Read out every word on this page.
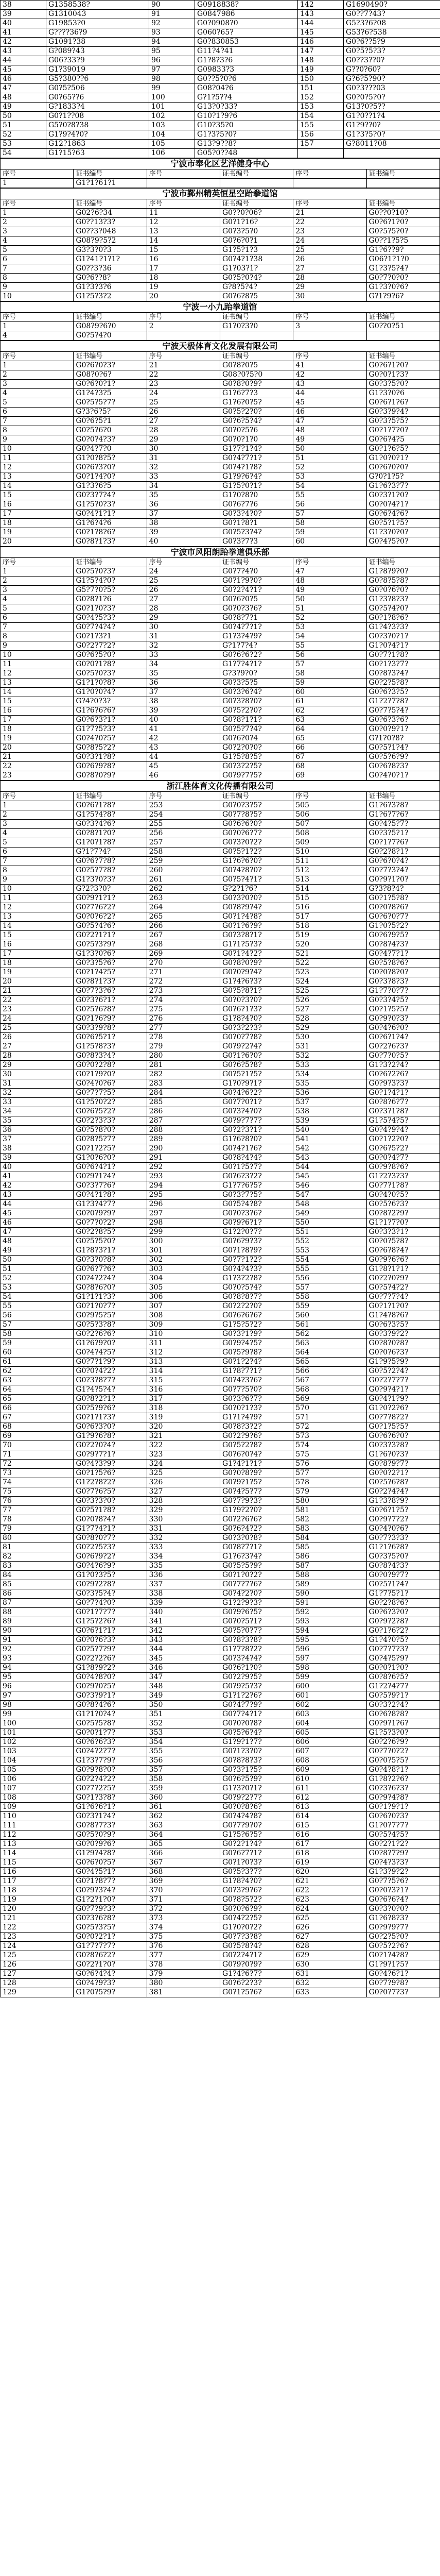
38	G1358538?	90	G0918838?	142	G1690490?
39	G1310043	91	G0847986	143	G0??7?43?
40	G19853?0	92	G0?0908?0	144	G5?3?6?08
41	G????36?9	93	G060?65?	145	G53?6?538
42	G1091?38	94	G0?830853	146	G0?6??5?9
43	G?089?43	95	G11?4?41	147	G0?5?5?3?
44	G06?33?9	96	G1?8?3?6	148	G0??3??0?
45	G1?39019	97	G09833?3	149	G??0?60?
46	G5?380??6	98	G0??5?0?6	150	G?6?5?90?
47	G0?5?506	99	G08?04?6	151	G0?3???03
48	G0?65??6	100	G?1?5??4	152	G0?0?5?0?
49	G?1833?4	101	G13?0?33?	153	G13?0?5??
50	G0?1??08	102	G10?1?9?6	154	G1?0??1?4
51	G5?0?8?38	103	G10?35?0	155	G1?9??0?
52	G1?9?4?0?	104	G1?3?5?0?	156	G1?3?5?0?
53	G12?1863	105	G13?9??8?	157	G?8011?08
54	G1?15?63	106	G05?0??48		
宁波市奉化区艺洋健身中心					
序号	证书编号	序号	证书编号	序号	证书编号
1	G1?1?61?1				
宁波市鄞州精英恒星空跆拳道馆					
序号	证书编号	序号	证书编号	序号	证书编号
1	G02?6?34	11	G0??0?06?	21	G0??0?10?
2	G0??13?3?	12	G0?1?16?	22	G0?6?1?0?
3	G0??3?048	13	G0?3?5?0	23	G0?5?5?0?
4	G08?9?5?2	14	G0?6?0?1	24	G0??1?5?5
5	G3?3?0?3	15	G1?5?1?3	25	G1?6??9?
6	G1?41?1?1?	16	G0?4?1?38	26	G06?1?1?0
7	G0??3?36	17	G1?03?1?	27	G1?3?5?4?
8	G0?6??8?	18	G0?5?0?4?	28	G0?7?0?0?
9	G1?3?3?6	19	G?8?5?4?	29	G1?3?0?6?
10	G1?5?3?2	20	G0?6?8?5	30	G?1?9?6?
宁波一小九跆拳道馆					
序号	证书编号	序号	证书编号	序号	证书编号
1	G08?9?6?0	2	G1?0?3?0	3	G0??0?51
4	G0?5?4?0				
宁波天极体育文化发展有限公司					
序号	证书编号	序号	证书编号	序号	证书编号
1	G0?6?0?3?	21	G0?8?0?5	41	G0?6?1?0?
2	G08?0?6?	22	G08?0?5?0	42	G0?0?1?3?
3	G0?6?0?1?	23	G0?8?0?9?	43	G0?3?5?0?
4	G1?4?3?5	24	G1?6?7?3	44	G1?3?0?6
5	G0?5?5?7?	25	G1?6?0?5?	45	G0?6?1?6?
6	G?3?6?5?	26	G0?5?2?0?	46	G0?3?9?4?
7	G0?6?5?1	27	G0?6?5?4?	47	G0?3?5?5?
8	G0?5?6?0	28	G0?0?5?6	48	G0?1?7?0?
9	G0?0?4?3?	29	G0?0?1?0	49	G0?6?4?5
10	G0?4?7?0	30	G1?7?1?4?	50	G0?1?6?5?
11	G1?0?8?5?	31	G0?4?7?1?	51	G1?0?0?1?
12	G0?6?3?0?	32	G0?4?1?8?	52	G0?6?0?0?
13	G0?1?4?0?	33	G1?9?6?4?	53	G?0?1?5?
14	G1?3?6?5	34	G1?5?0?1?	54	G1?6?3?7?
15	G0?3?7?4?	35	G1?0?8?0	55	G0?3?1?0?
16	G1?5?0?3?	36	G0?6?7?6	56	G0?0?4?1?
17	G0?4?1?1?	37	G0?3?4?0?	57	G0?6?4?6?
18	G1?6?4?6	38	G0?1?8?1	58	G0?5?1?5?
19	G0?1?8?6?	39	G0?5?3?4?	59	G1?3?0?0?
20	G0?8?1?3?	40	G0?3?7?3	60	G0?4?5?0?
宁波市风阳朗跆拳道俱乐部					
序号	证书编号	序号	证书编号	序号	证书编号
1	G0?5?0?3?	24	G0?7?4?0	47	G1?8?9?0?
2	G1?5?4?0?	25	G0?1?9?0?	48	G0?8?5?8?
3	G5?7?0?5?	26	G0?2?4?1?	49	G0?0?6?0?
4	G0?8?1?6	27	G0?6?0?5	50	G1?3?8?3?
5	G0?1?0?3?	28	G0?0?3?6?	51	G0?5?4?0?
6	G0?4?5?3?	29	G0?8?7?1	52	G0?1?8?6?
7	G0?7?4?4?	30	G0?4?7?1?	53	G1?4?3?3?
8	G0?1?3?1	31	G1?3?4?9?	54	G0?3?0?1?
9	G0?2?7?2?	32	G?1?7?4?	55	G1?0?4?1?
10	G0?6?5?0?	33	G0?6?6?2?	56	G0?7?1?8?
11	G0?0?1?8?	34	G1?7?4?1?	57	G0?1?3?7?
12	G0?5?0?3?	35	G?3?9?0?	58	G0?8?3?4?
13	G1?1?0?8?	36	G0?3?5?5	59	G0?2?5?8?
14	G1?0?0?4?	37	G0?3?6?4?	60	G0?6?3?5?
15	G?4?0?3?	38	G0?3?8?0?	61	G1?2?7?8?
16	G1?6?6?6?	39	G0?5?2?0?	62	G0?7?5?4?
17	G0?6?3?1?	40	G0?8?1?1?	63	G0?6?3?6?
18	G1?7?5?3?	41	G0?5?7?4?	64	G0?0?9?1?
19	G0?4?0?5?	42	G0?6?0?4	65	G?1?0?8?
20	G0?8?5?2?	43	G0?2?0?0?	66	G0?5?1?4?
21	G0?3?1?8?	44	G1?5?8?5?	67	G0?5?6?9?
22	G0?6?9?8?	45	G0?3?2?5?	68	G0?6?8?3?
23	G0?8?0?9?	46	G0?9?7?5?	69	G0?4?0?1?
浙江胜体育文化传播有限公司					
序号	证书编号	序号	证书编号	序号	证书编号
1	G0?6?1?8?	253	G0?0?3?5?	505	G1?6?3?8?
2	G1?5?4?8?	254	G0?7?8?5?	506	G1?6?7?6?
3	G0?3?4?6?	255	G0?6?6?0?	507	G0?4?5?7?
4	G0?8?1?0?	256	G0?0?6?7?	508	G0?3?5?1?
5	G1?0?1?8?	257	G0?3?0?2?	509	G0?1?7?6?
6	G?1?7?4?	258	G0?5?1?2?	510	G0?2?8?1?
7	G0?6?7?8?	259	G1?6?6?0?	511	G0?6?0?4?
8	G0?5?7?8?	260	G0?4?8?0?	512	G0?7?3?4?
9	G1?3?0?3?	261	G0?5?4?1?	513	G0?9?1?0?
10	G?2?3?0?	262	G?2?1?6?	514	G?3?8?4?
11	G0?9?1?1?	263	G0?3?0?0?	515	G0?1?5?8?
12	G0?7?6?2?	264	G0?8?9?4?	516	G0?0?8?6?
13	G0?0?6?2?	265	G0?1?4?8?	517	G0?6?0?7?
14	G0?5?4?6?	266	G0?1?6?9?	518	G1?0?5?2?
15	G0?2?1?1?	267	G0?3?8?1?	519	G0?6?9?5?
16	G0?5?3?9?	268	G1?1?5?3?	520	G0?8?4?3?
17	G1?3?0?6?	269	G0?1?4?2?	521	G0?4?7?1?
18	G0?3?5?6?	270	G0?8?0?9?	522	G0?5?8?6?
19	G0?1?4?5?	271	G0?0?9?4?	523	G0?0?8?0?
20	G0?8?1?3?	272	G1?4?6?3?	524	G0?3?8?3?
21	G0?7?3?6?	273	G0?5?8?1?	525	G1?7?0?7?
22	G0?3?6?1?	274	G0?0?3?0?	526	G0?3?4?5?
23	G0?5?6?8?	275	G0?6?1?3?	527	G0?1?5?5?
24	G0?1?6?9?	276	G1?8?4?0?	528	G0?9?0?3?
25	G0?3?9?8?	277	G0?3?2?3?	529	G0?4?6?0?
26	G0?6?5?1?	278	G0?0?7?8?	530	G0?6?1?4?
27	G1?5?8?3?	279	G0?9?2?4?	531	G0?2?6?3?
28	G0?8?3?4?	280	G0?1?6?0?	532	G0?7?0?5?
29	G0?0?2?8?	281	G0?6?5?8?	533	G1?3?2?4?
30	G0?1?9?0?	282	G0?5?1?5?	534	G0?6?2?6?
31	G0?4?0?6?	283	G1?0?9?1?	535	G0?9?3?3?
32	G0?7?7?5?	284	G0?4?6?2?	536	G0?1?4?1?
33	G1?5?0?2?	285	G0?7?0?1?	537	G0?8?6?7?
34	G0?6?5?2?	286	G0?3?4?0?	538	G0?3?1?8?
35	G0?2?3?3?	287	G0?9?7?7?	539	G1?5?4?5?
36	G0?5?8?0?	288	G0?2?3?1?	540	G0?4?9?4?
37	G0?8?5?7?	289	G1?6?8?0?	541	G0?1?2?0?
38	G0?1?2?5?	290	G0?4?1?6?	542	G0?6?5?2?
39	G1?0?6?0?	291	G0?8?4?4?	543	G0?0?4?7?
40	G0?6?4?1?	292	G0?1?5?7?	544	G0?9?8?6?
41	G0?9?1?4?	293	G0?6?3?2?	545	G1?2?3?3?
42	G0?3?7?6?	294	G1?7?6?5?	546	G0?7?1?8?
43	G0?4?1?8?	295	G0?3?7?5?	547	G0?4?0?5?
44	G1?3?4?7?	296	G0?5?4?8?	548	G0?5?6?3?
45	G0?0?9?9?	297	G0?0?3?6?	549	G0?8?2?9?
46	G0?7?0?2?	298	G0?9?6?1?	550	G1?1?7?0?
47	G0?2?8?5?	299	G1?2?0?7?	551	G0?3?3?1?
48	G0?5?5?0?	300	G0?6?9?3?	552	G0?0?5?8?
49	G1?8?3?1?	301	G0?1?8?9?	553	G0?6?8?4?
50	G0?3?0?8?	302	G0?7?1?2?	554	G0?9?6?6?
51	G0?6?7?6?	303	G0?4?4?3?	555	G1?8?1?1?
52	G0?4?2?4?	304	G1?3?2?8?	556	G0?2?0?9?
53	G0?8?6?0?	305	G0?0?5?4?	557	G0?5?4?2?
54	G1?1?1?3?	306	G0?8?8?7?	558	G0?7?7?4?
55	G0?1?0?7?	307	G0?2?2?0?	559	G0?1?1?0?
56	G0?9?5?5?	308	G0?6?6?6?	560	G1?4?8?6?
57	G0?5?3?8?	309	G1?5?5?2?	561	G0?6?3?5?
58	G0?2?6?6?	310	G0?3?1?9?	562	G0?3?9?2?
59	G1?6?9?0?	311	G0?9?4?5?	563	G0?8?0?8?
60	G0?4?4?5?	312	G0?5?9?8?	564	G0?0?6?3?
61	G0?7?1?9?	313	G0?1?2?4?	565	G1?9?5?9?
62	G0?0?4?2?	314	G1?8?7?1?	566	G0?5?2?4?
63	G0?3?8?7?	315	G0?4?3?6?	567	G0?2?7?7?
64	G1?4?5?4?	316	G0?7?5?0?	568	G0?9?4?1?
65	G0?8?2?1?	317	G0?3?6?7?	569	G0?4?1?9?
66	G0?5?9?6?	318	G0?0?1?3?	570	G1?0?2?6?
67	G0?1?1?3?	319	G1?1?4?9?	571	G0?7?8?2?
68	G0?6?3?0?	320	G0?8?3?2?	572	G0?1?5?5?
69	G1?9?6?8?	321	G0?2?9?6?	573	G0?6?6?0?
70	G0?2?0?4?	322	G0?5?2?8?	574	G0?3?3?8?
71	G0?9?7?1?	323	G0?6?0?4?	575	G1?6?0?3?
72	G0?4?3?9?	324	G1?4?1?1?	576	G0?8?9?7?
73	G0?1?5?6?	325	G0?0?8?9?	577	G0?0?2?1?
74	G1?2?8?2?	326	G0?9?1?5?	578	G0?5?6?8?
75	G0?7?6?5?	327	G0?4?5?7?	579	G0?2?4?4?
76	G0?3?3?0?	328	G0?7?9?3?	580	G1?3?8?9?
77	G0?5?1?8?	329	G1?9?2?0?	581	G0?6?1?5?
78	G0?0?8?4?	330	G0?2?6?6?	582	G0?9?7?2?
79	G1?7?4?1?	331	G0?6?4?2?	583	G0?4?0?6?
80	G0?8?0?7?	332	G0?3?0?8?	584	G0?7?3?3?
81	G0?2?5?3?	333	G0?8?7?1?	585	G1?1?6?8?
82	G0?6?9?2?	334	G1?6?3?4?	586	G0?3?5?0?
83	G0?4?6?9?	335	G0?5?5?9?	587	G0?8?4?3?
84	G1?0?3?5?	336	G0?1?0?2?	588	G0?0?9?7?
85	G0?9?2?8?	337	G0?7?7?6?	589	G0?5?1?4?
86	G0?3?5?4?	338	G0?4?2?0?	590	G1?7?5?1?
87	G0?7?4?0?	339	G1?2?9?3?	591	G0?2?8?6?
88	G0?1?7?7?	340	G0?9?6?5?	592	G0?6?3?0?
89	G1?5?2?6?	341	G0?0?5?1?	593	G0?9?2?8?
90	G0?6?1?1?	342	G0?5?0?7?	594	G0?1?6?2?
91	G0?0?6?3?	343	G0?8?3?8?	595	G1?4?0?5?
92	G0?5?7?9?	344	G1?7?8?2?	596	G0?7?7?3?
93	G0?2?2?6?	345	G0?3?4?4?	597	G0?4?5?9?
94	G1?8?9?2?	346	G0?6?1?0?	598	G0?0?1?0?
95	G0?4?8?0?	347	G0?2?9?5?	599	G0?8?6?5?
96	G0?9?0?5?	348	G0?9?5?3?	600	G1?2?4?7?
97	G0?3?9?1?	349	G1?1?2?6?	601	G0?5?9?1?
98	G0?8?4?6?	350	G0?4?7?9?	602	G0?3?2?4?
99	G1?1?0?4?	351	G0?7?4?1?	603	G0?6?8?8?
100	G0?5?5?8?	352	G0?0?0?8?	604	G0?9?1?6?
101	G0?0?1?7?	353	G0?5?6?4?	605	G1?5?3?0?
102	G0?6?6?3?	354	G1?9?1?7?	606	G0?2?6?9?
103	G0?4?2?7?	355	G0?1?3?0?	607	G0?7?0?2?
104	G1?3?7?9?	356	G0?8?8?3?	608	G0?0?5?5?
105	G0?9?8?0?	357	G0?3?1?5?	609	G0?4?8?1?
106	G0?2?4?2?	358	G0?6?5?9?	610	G1?8?2?6?
107	G0?7?2?5?	359	G1?3?0?1?	611	G0?3?6?3?
108	G0?1?3?8?	360	G0?9?2?7?	612	G0?9?4?8?
109	G1?6?6?1?	361	G0?0?8?6?	613	G0?1?9?1?
110	G0?3?1?4?	362	G0?4?4?8?	614	G0?6?0?3?
111	G0?8?7?3?	363	G0?7?9?0?	615	G1?0?7?7?
112	G0?5?0?9?	364	G1?5?6?5?	616	G0?5?4?5?
113	G0?0?9?6?	365	G0?2?1?4?	617	G0?2?1?2?
114	G1?9?4?8?	366	G0?6?7?1?	618	G0?8?7?9?
115	G0?6?0?5?	367	G0?1?0?3?	619	G0?4?3?3?
116	G0?4?5?1?	368	G0?5?3?7?	620	G1?3?9?2?
117	G0?1?8?7?	369	G1?8?4?0?	621	G0?7?5?6?
118	G0?9?3?4?	370	G0?3?9?6?	622	G0?0?3?1?
119	G1?2?1?0?	371	G0?8?5?2?	623	G0?6?6?4?
120	G0?7?9?3?	372	G0?0?6?9?	624	G0?3?0?0?
121	G0?3?6?8?	373	G0?4?2?5?	625	G1?6?8?3?
122	G0?5?3?5?	374	G1?0?0?2?	626	G0?9?9?7?
123	G0?0?2?1?	375	G0?7?3?8?	627	G0?2?5?0?
124	G1?7?7?7?	376	G0?5?8?4?	628	G0?5?2?6?
125	G0?8?6?2?	377	G0?2?4?1?	629	G0?1?4?8?
126	G0?2?1?0?	378	G0?9?0?9?	630	G1?9?1?5?
127	G0?6?4?4?	379	G1?4?6?7?	631	G0?4?6?1?
128	G0?4?9?3?	380	G0?6?2?3?	632	G0?7?9?8?
129	G1?0?5?9?	381	G0?1?5?6?	633	G0?0?7?3?
